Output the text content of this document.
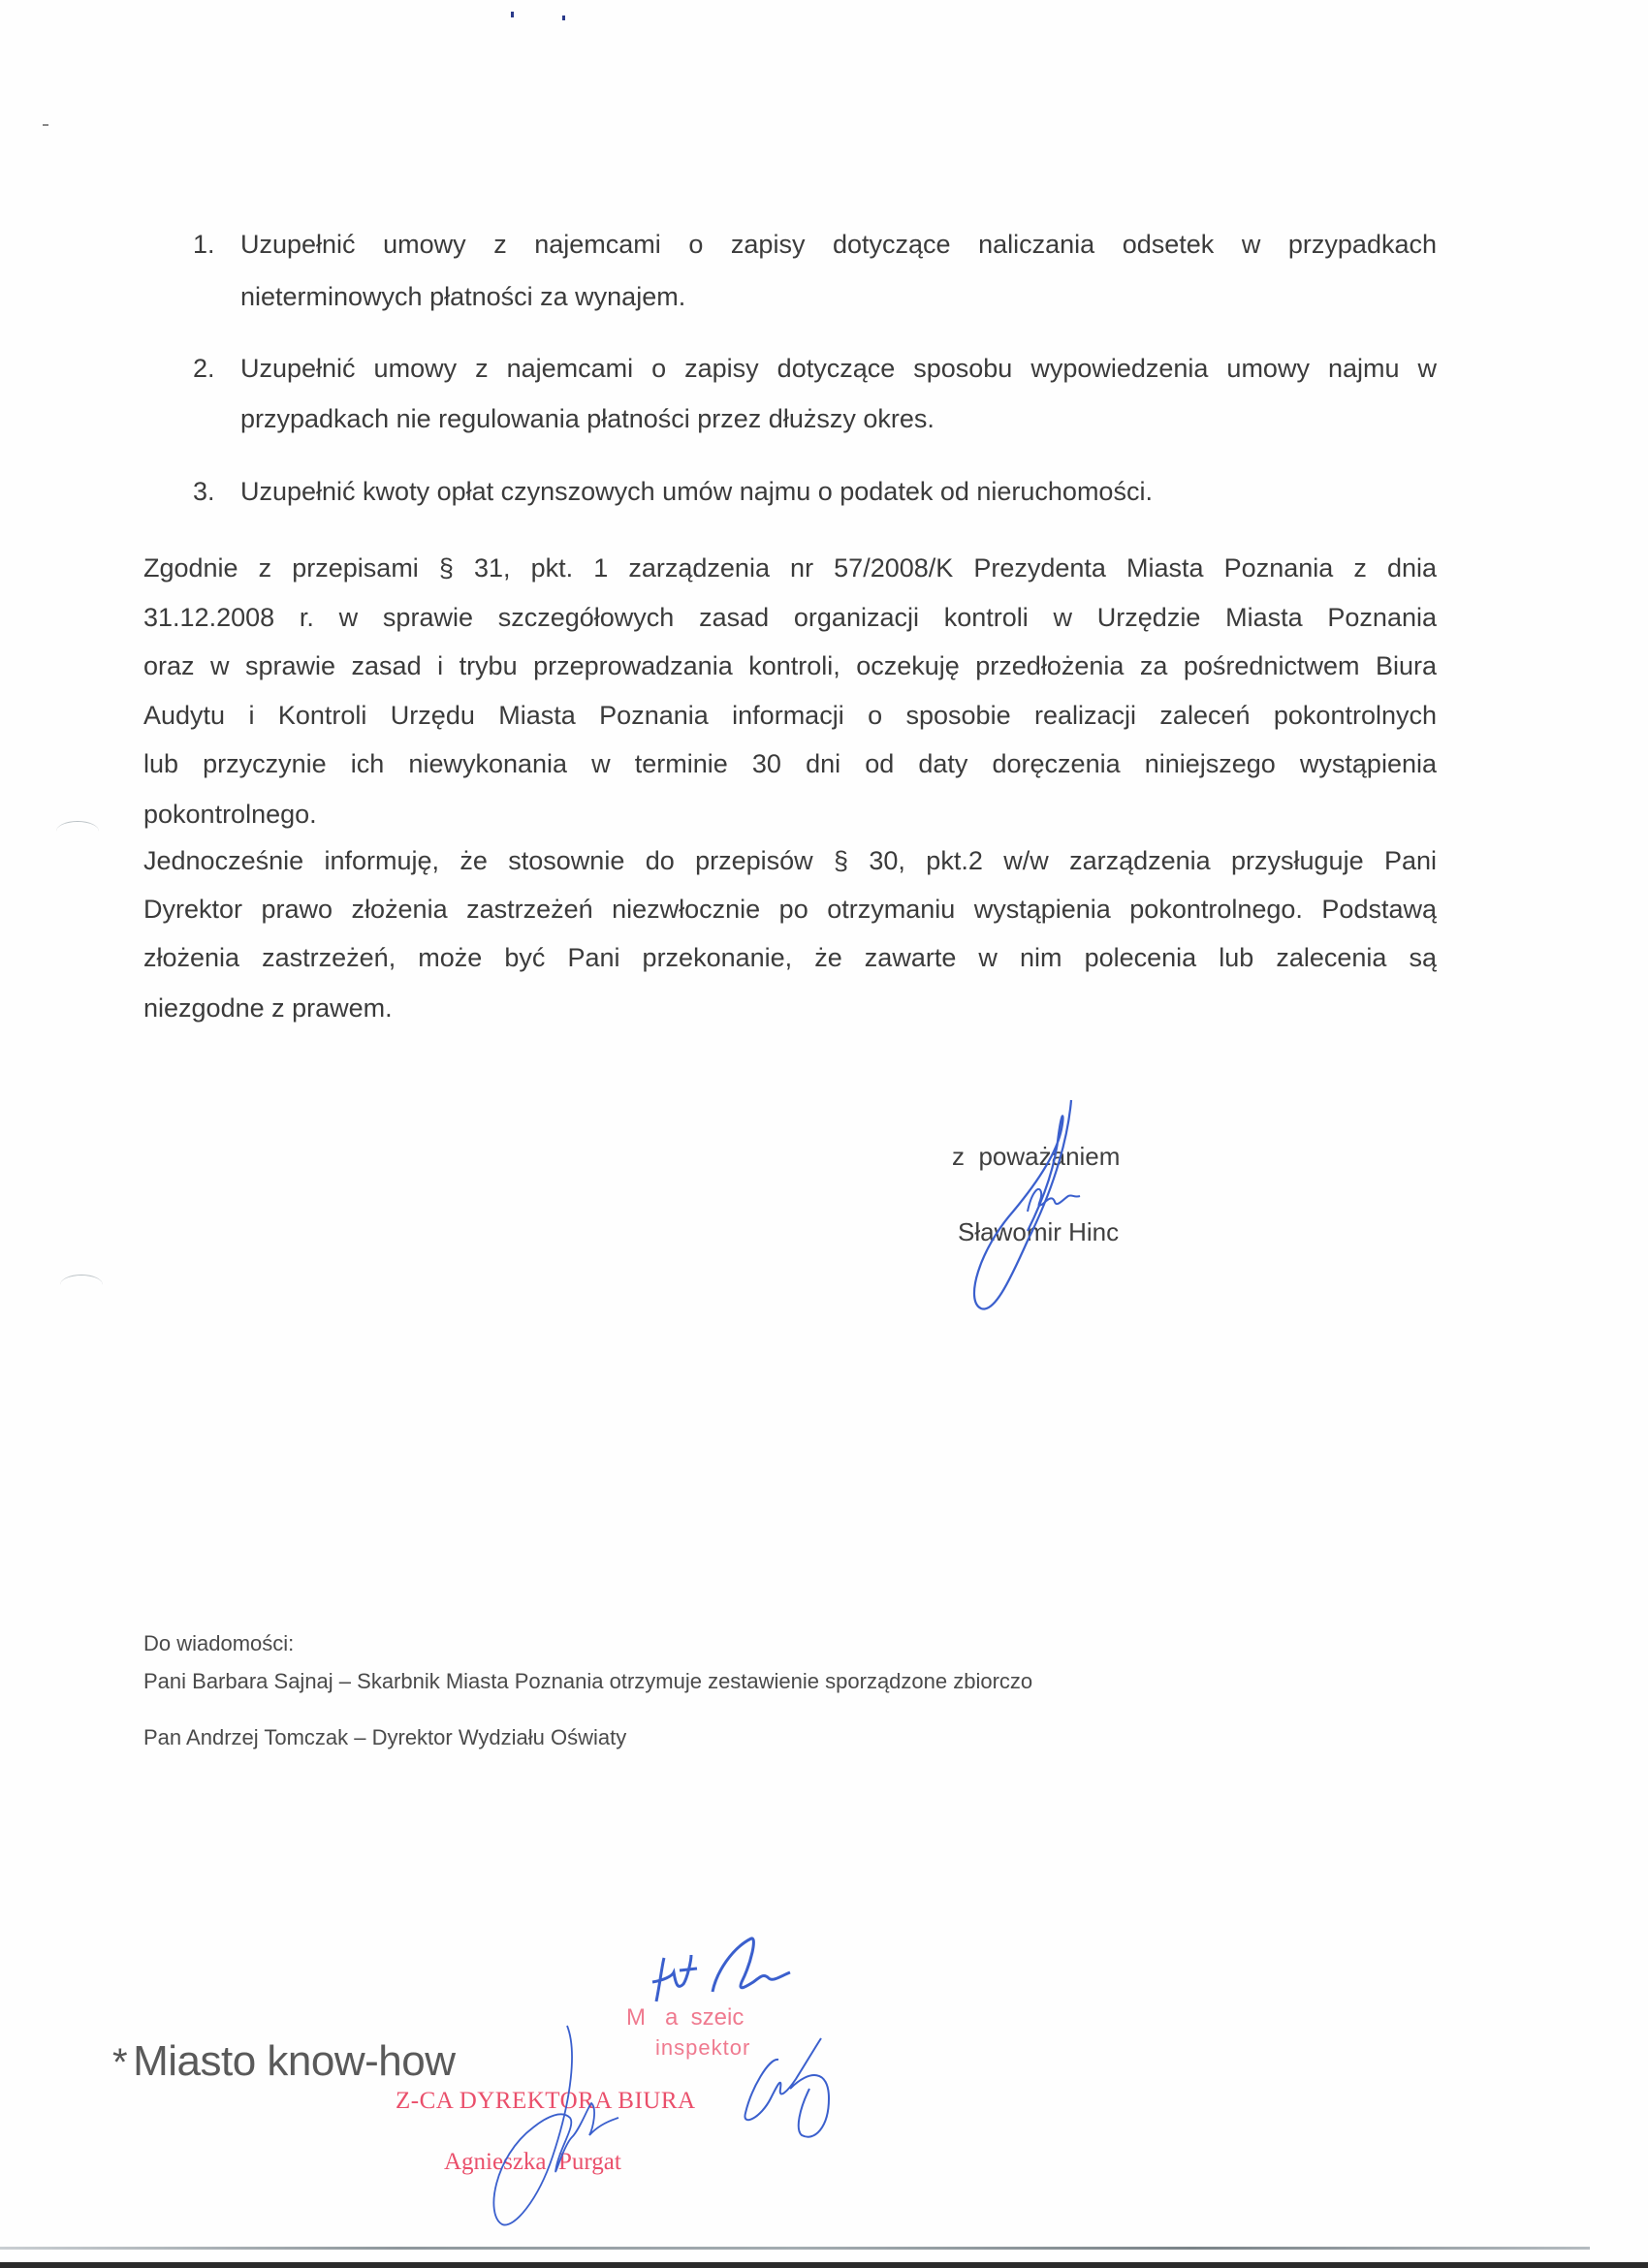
1. Uzupełnić umowy z najemcami o zapisy dotyczące naliczania odsetek w przypadkach
nieterminowych płatności za wynajem.
2. Uzupełnić umowy z najemcami o zapisy dotyczące sposobu wypowiedzenia umowy najmu w
przypadkach nie regulowania płatności przez dłuższy okres.
3. Uzupełnić kwoty opłat czynszowych umów najmu o podatek od nieruchomości.
Zgodnie z przepisami § 31, pkt. 1 zarządzenia nr 57/2008/K Prezydenta Miasta Poznania z dnia
31.12.2008 r. w sprawie szczegółowych zasad organizacji kontroli w Urzędzie Miasta Poznania
oraz w sprawie zasad i trybu przeprowadzania kontroli, oczekuję przedłożenia za pośrednictwem Biura
Audytu i Kontroli Urzędu Miasta Poznania informacji o sposobie realizacji zaleceń pokontrolnych
lub przyczynie ich niewykonania w terminie 30 dni od daty doręczenia niniejszego wystąpienia
pokontrolnego.
Jednocześnie informuję, że stosownie do przepisów § 30, pkt.2 w/w zarządzenia przysługuje Pani
Dyrektor prawo złożenia zastrzeżeń niezwłocznie po otrzymaniu wystąpienia pokontrolnego. Podstawą
złożenia zastrzeżeń, może być Pani przekonanie, że zawarte w nim polecenia lub zalecenia są
niezgodne z prawem.
z  poważaniem
Sławomir Hinc
Do wiadomości:
Pani Barbara Sajnaj – Skarbnik Miasta Poznania otrzymuje zestawienie sporządzone zbiorczo
Pan Andrzej Tomczak – Dyrektor Wydziału Oświaty
* Miasto know-how
M   a  szeic
inspektor
Z-CA DYREKTORA BIURA
Agnieszka  Purgat
